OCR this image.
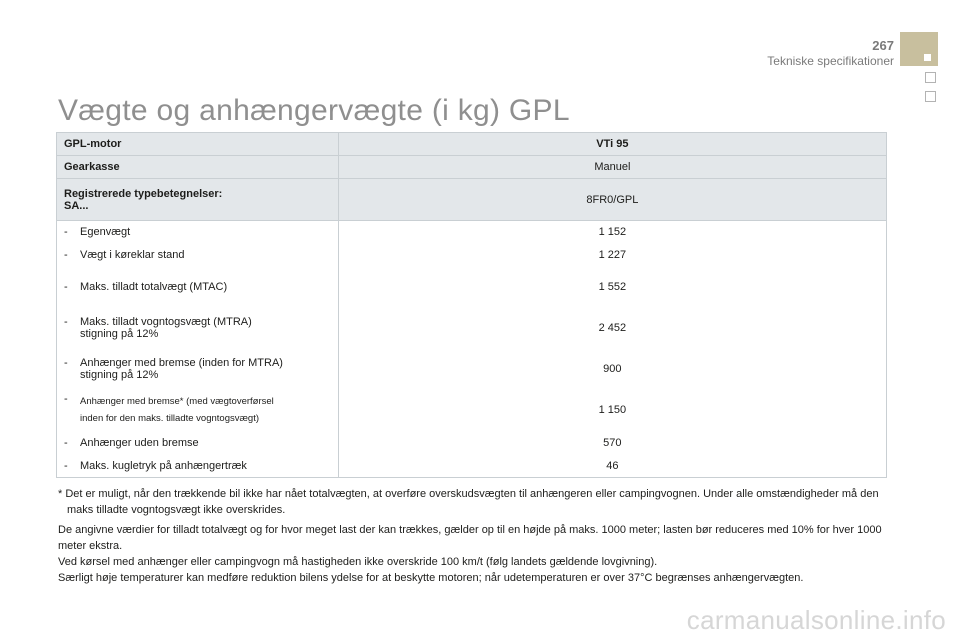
267
Tekniske specifikationer
Vægte og anhængervægte (i kg) GPL
GPL-motor	VTi 95
Gearkasse	Manuel

Registrerede typebetegnelser:
SA...	8FR0/GPL

- Egenvægt	1 152

- Vægt i køreklar stand	1 227

- Maks. tilladt totalvægt (MTAC)	1 552

- Maks. tilladt vogntogsvægt (MTRA)
stigning på 12%	2 452

- Anhænger med bremse (inden for MTRA)
stigning på 12%	900

- Anhænger med bremse* (med vægtoverførsel
inden for den maks. tilladte vogntogsvægt)	1 150

- Anhænger uden bremse	570

- Maks. kugletryk på anhængertræk	46

* Det er muligt, når den trækkende bil ikke har nået totalvægten, at overføre overskudsvægten til anhængeren eller campingvognen. Under alle omstændigheder må den maks tilladte vogntogsvægt ikke overskrides.

De angivne værdier for tilladt totalvægt og for hvor meget last der kan trækkes, gælder op til en højde på maks. 1000 meter; lasten bør reduceres med 10% for hver 1000 meter ekstra.
Ved kørsel med anhænger eller campingvogn må hastigheden ikke overskride 100 km/t (følg landets gældende lovgivning).
Særligt høje temperaturer kan medføre reduktion bilens ydelse for at beskytte motoren; når udetemperaturen er over 37°C begrænses anhængervægten.
carmanualsonline.info
